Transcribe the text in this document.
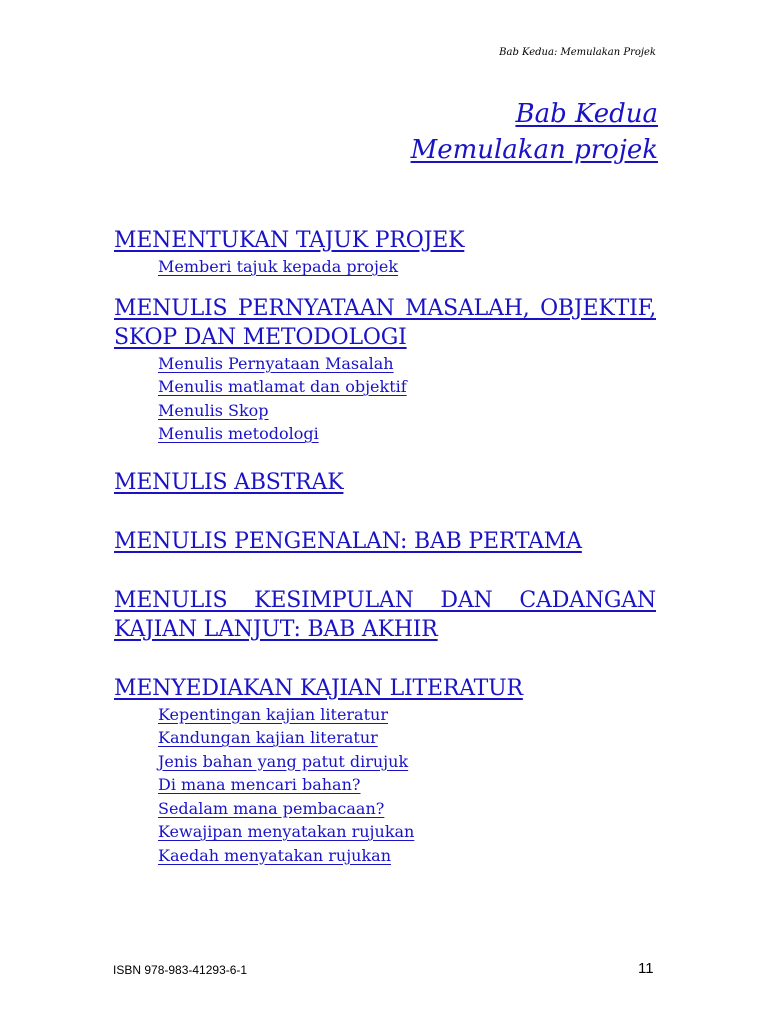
Bab Kedua: Memulakan Projek
Bab Kedua
Memulakan projek
MENENTUKAN TAJUK PROJEK
Memberi tajuk kepada projek
MENULIS PERNYATAAN MASALAH, OBJEKTIF,
SKOP DAN METODOLOGI
Menulis Pernyataan Masalah
Menulis matlamat dan objektif
Menulis Skop
Menulis metodologi
MENULIS ABSTRAK
MENULIS PENGENALAN: BAB PERTAMA
MENULIS KESIMPULAN DAN CADANGAN
KAJIAN LANJUT: BAB AKHIR
MENYEDIAKAN KAJIAN LITERATUR
Kepentingan kajian literatur
Kandungan kajian literatur
Jenis bahan yang patut dirujuk
Di mana mencari bahan?
Sedalam mana pembacaan?
Kewajipan menyatakan rujukan
Kaedah menyatakan rujukan
ISBN 978-983-41293-6-1	11
